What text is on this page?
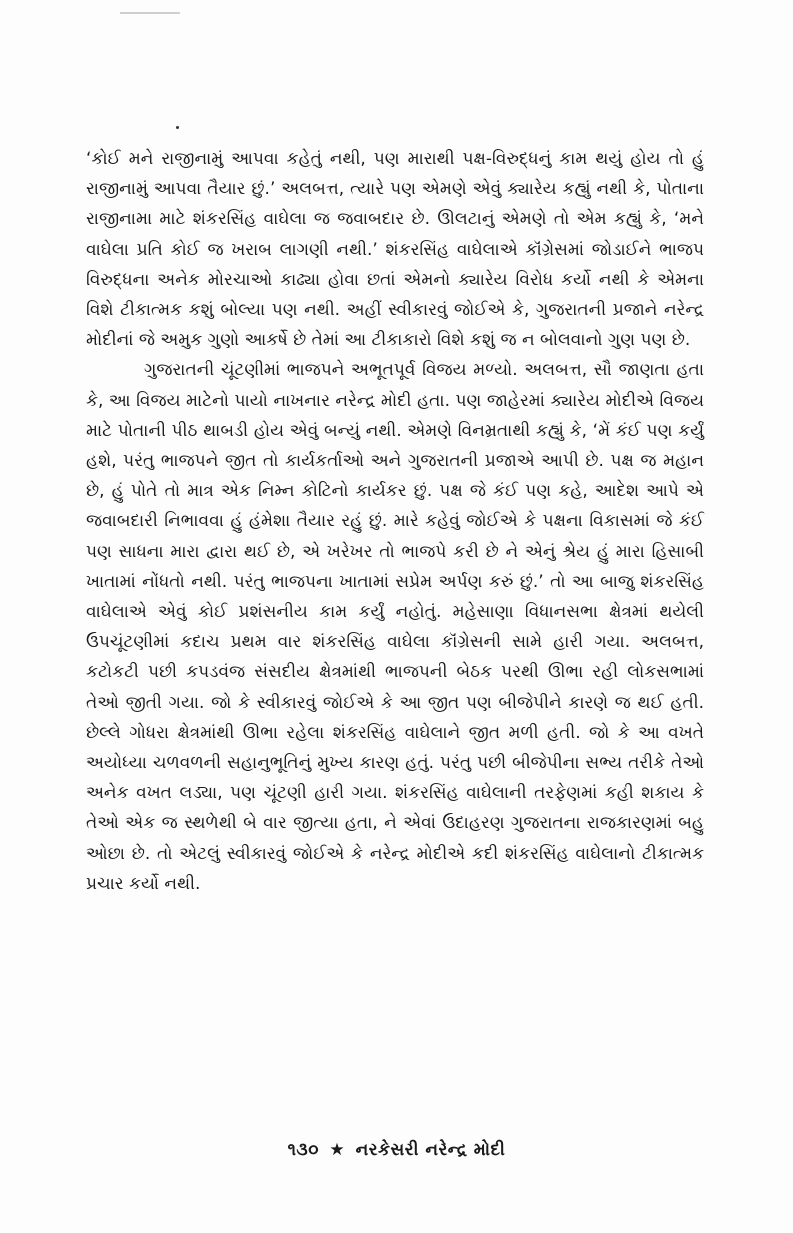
‘કોઈ મને રાજીનામું આપવા કહેતું નથી, પણ મારાથી પક્ષ-વિરુદ્ધનું કામ થયું હોય તો હું રાજીનામું આપવા તૈયાર છું.’ અલબત્ત, ત્યારે પણ એમણે એવું ક્યારેય કહ્યું નથી કે, પોતાના રાજીનામા માટે શંકરસિંહ વાઘેલા જ જવાબદાર છે. ઊલટાનું એમણે તો એમ કહ્યું કે, ‘મને વાઘેલા પ્રતિ કોઈ જ ખરાબ લાગણી નથી.’ શંકરસિંહ વાઘેલાએ કૉંગ્રેસમાં જોડાઈને ભાજપ વિરુદ્ધના અનેક મોરચાઓ કાઢ્યા હોવા છતાં એમનો ક્યારેય વિરોધ કર્યો નથી કે એમના વિશે ટીકાત્મક કશું બોલ્યા પણ નથી. અહીં સ્વીકારવું જોઈએ કે, ગુજરાતની પ્રજાને નરેન્દ્ર મોદીનાં જે અમુક ગુણો આકર્ષે છે તેમાં આ ટીકાકારો વિશે કશું જ ન બોલવાનો ગુણ પણ છે.

ગુજરાતની ચૂંટણીમાં ભાજપને અભૂતપૂર્વ વિજય મળ્યો. અલબત્ત, સૌ જાણતા હતા કે, આ વિજય માટેનો પાયો નાખનાર નરેન્દ્ર મોદી હતા. પણ જાહેરમાં ક્યારેય મોદીએ વિજય માટે પોતાની પીઠ થાબડી હોય એવું બન્યું નથી. એમણે વિનમ્રતાથી કહ્યું કે, ‘મેં કંઈ પણ કર્યું હશે, પરંતુ ભાજપને જીત તો કાર્યકર્તાઓ અને ગુજરાતની પ્રજાએ આપી છે. પક્ષ જ મહાન છે, હું પોતે તો માત્ર એક નિમ્ન કોટિનો કાર્યકર છું. પક્ષ જે કંઈ પણ કહે, આદેશ આપે એ જવાબદારી નિભાવવા હું હંમેશા તૈયાર રહું છું. મારે કહેવું જોઈએ કે પક્ષના વિકાસમાં જે કંઈ પણ સાધના મારા દ્વારા થઈ છે, એ ખરેખર તો ભાજપે કરી છે ને એનું શ્રેય હું મારા હિસાબી ખાતામાં નોંધતો નથી. પરંતુ ભાજપના ખાતામાં સપ્રેમ અર્પણ કરું છું.’ તો આ બાજુ શંકરસિંહ વાઘેલાએ એવું કોઈ પ્રશંસનીય કામ કર્યું નહોતું. મહેસાણા વિધાનસભા ક્ષેત્રમાં થયેલી ઉપચૂંટણીમાં કદાચ પ્રથમ વાર શંકરસિંહ વાઘેલા કૉંગ્રેસની સામે હારી ગયા. અલબત્ત, કટોકટી પછી કપડવંજ સંસદીય ક્ષેત્રમાંથી ભાજપની બેઠક પરથી ઊભા રહી લોકસભામાં તેઓ જીતી ગયા. જો કે સ્વીકારવું જોઈએ કે આ જીત પણ બીજેપીને કારણે જ થઈ હતી. છેલ્લે ગોધરા ક્ષેત્રમાંથી ઊભા રહેલા શંકરસિંહ વાઘેલાને જીત મળી હતી. જો કે આ વખતે અયોધ્યા ચળવળની સહાનુભૂતિનું મુખ્ય કારણ હતું. પરંતુ પછી બીજેપીના સભ્ય તરીકે તેઓ અનેક વખત લડ્યા, પણ ચૂંટણી હારી ગયા. શંકરસિંહ વાઘેલાની તરફેણમાં કહી શકાય કે તેઓ એક જ સ્થળેથી બે વાર જીત્યા હતા, ને એવાં ઉદાહરણ ગુજરાતના રાજકારણમાં બહુ ઓછા છે. તો એટલું સ્વીકારવું જોઈએ કે નરેન્દ્ર મોદીએ કદી શંકરસિંહ વાઘેલાનો ટીકાત્મક પ્રચાર કર્યો નથી.

૧૩૦ ★ નરકેસરી નરેન્દ્ર મોદી
